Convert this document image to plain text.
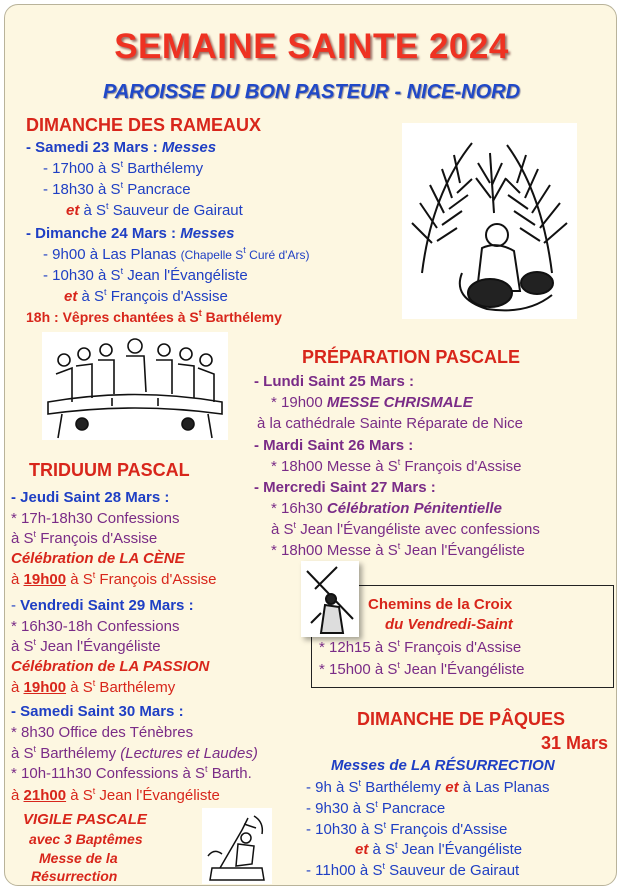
SEMAINE SAINTE 2024
PAROISSE DU BON PASTEUR - NICE-NORD
DIMANCHE DES RAMEAUX
- Samedi 23 Mars : Messes
- 17h00 à $S^t$ Barthélemy
- 18h30 à $S^t$ Pancrace
et à $S^t$ Sauveur de Gairaut
- Dimanche 24 Mars : Messes
- 9h00 à Las Planas (Chapelle $S^t$ Curé d'Ars)
- 10h30 à $S^t$ Jean l'Évangéliste
et à $S^t$ François d'Assise
18h : Vêpres chantées à $S^t$ Barthélemy
PRÉPARATION PASCALE
- Lundi Saint 25 Mars :
* 19h00 MESSE CHRISMALE
à la cathédrale Sainte Réparate de Nice
- Mardi Saint 26 Mars :
* 18h00 Messe à $S^t$ François d'Assise
- Mercredi Saint 27 Mars :
* 16h30 Célébration Pénitentielle
à $S^t$ Jean l'Évangéliste avec confessions
* 18h00 Messe à $S^t$ Jean l'Évangéliste
TRIDUUM PASCAL
- Jeudi Saint 28 Mars :
* 17h-18h30 Confessions
à $S^t$ François d'Assise
Célébration de LA CÈNE
à 19h00 à $S^t$ François d'Assise
- Vendredi Saint 29 Mars :
* 16h30-18h Confessions
à $S^t$ Jean l'Évangéliste
Célébration de LA PASSION
à 19h00 à $S^t$ Barthélemy
- Samedi Saint 30 Mars :
* 8h30 Office des Ténèbres
à $S^t$ Barthélemy (Lectures et Laudes)
* 10h-11h30 Confessions à $S^t$ Barth.
à 21h00 à $S^t$ Jean l'Évangéliste
VIGILE PASCALE
avec 3 Baptêmes
Messe de la
Résurrection
Chemins de la Croix
du Vendredi-Saint
* 12h15 à $S^t$ François d'Assise
* 15h00 à $S^t$ Jean l'Évangéliste
DIMANCHE DE PÂQUES
31 Mars
Messes de LA RÉSURRECTION
- 9h à $S^t$ Barthélemy et à Las Planas
- 9h30 à $S^t$ Pancrace
- 10h30 à $S^t$ François d'Assise
et à $S^t$ Jean l'Évangéliste
- 11h00 à $S^t$ Sauveur de Gairaut
